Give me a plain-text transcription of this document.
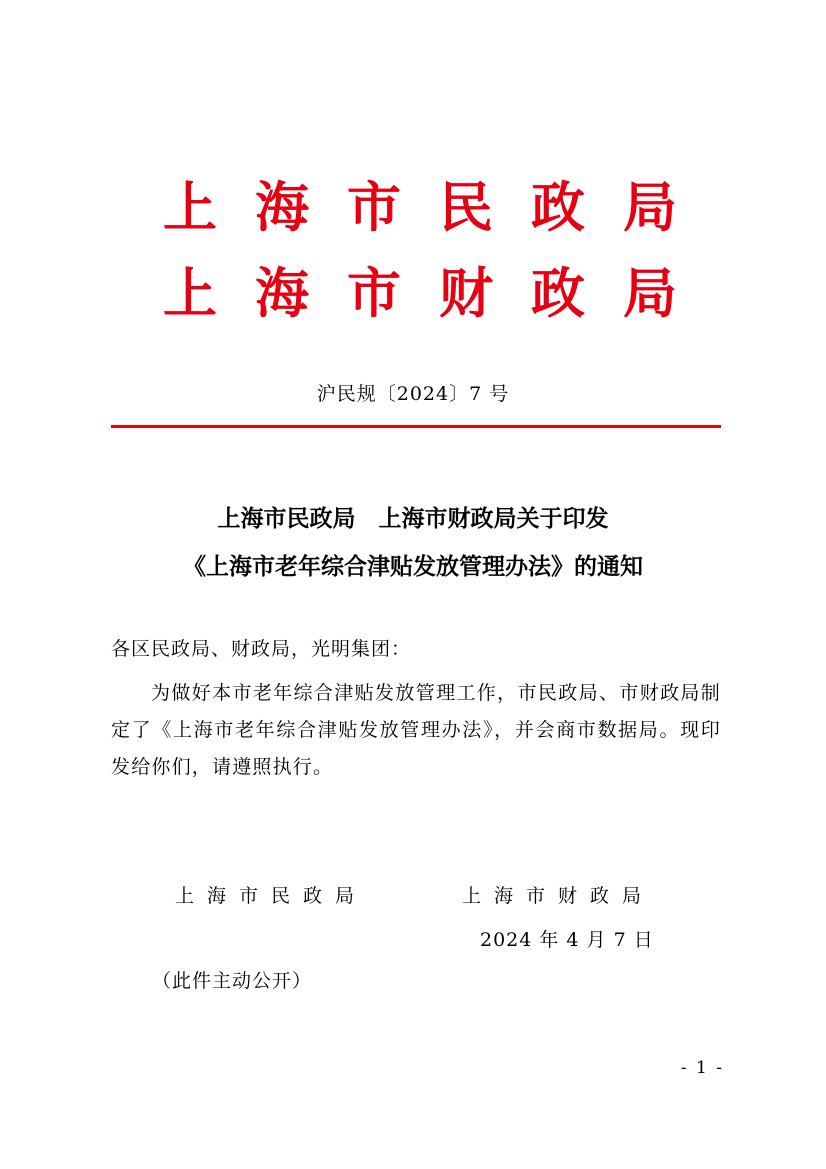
上 海 市 民 政 局
上 海 市 财 政 局
沪民规〔2024〕7 号
上海市民政局　上海市财政局关于印发
《上海市老年综合津贴发放管理办法》的通知
各区民政局、财政局，光明集团：
为做好本市老年综合津贴发放管理工作，市民政局、市财政局制定了《上海市老年综合津贴发放管理办法》，并会商市数据局。现印发给你们，请遵照执行。
上海市民政局	上海市财政局
2024 年 4 月 7 日
（此件主动公开）
- 1 -
